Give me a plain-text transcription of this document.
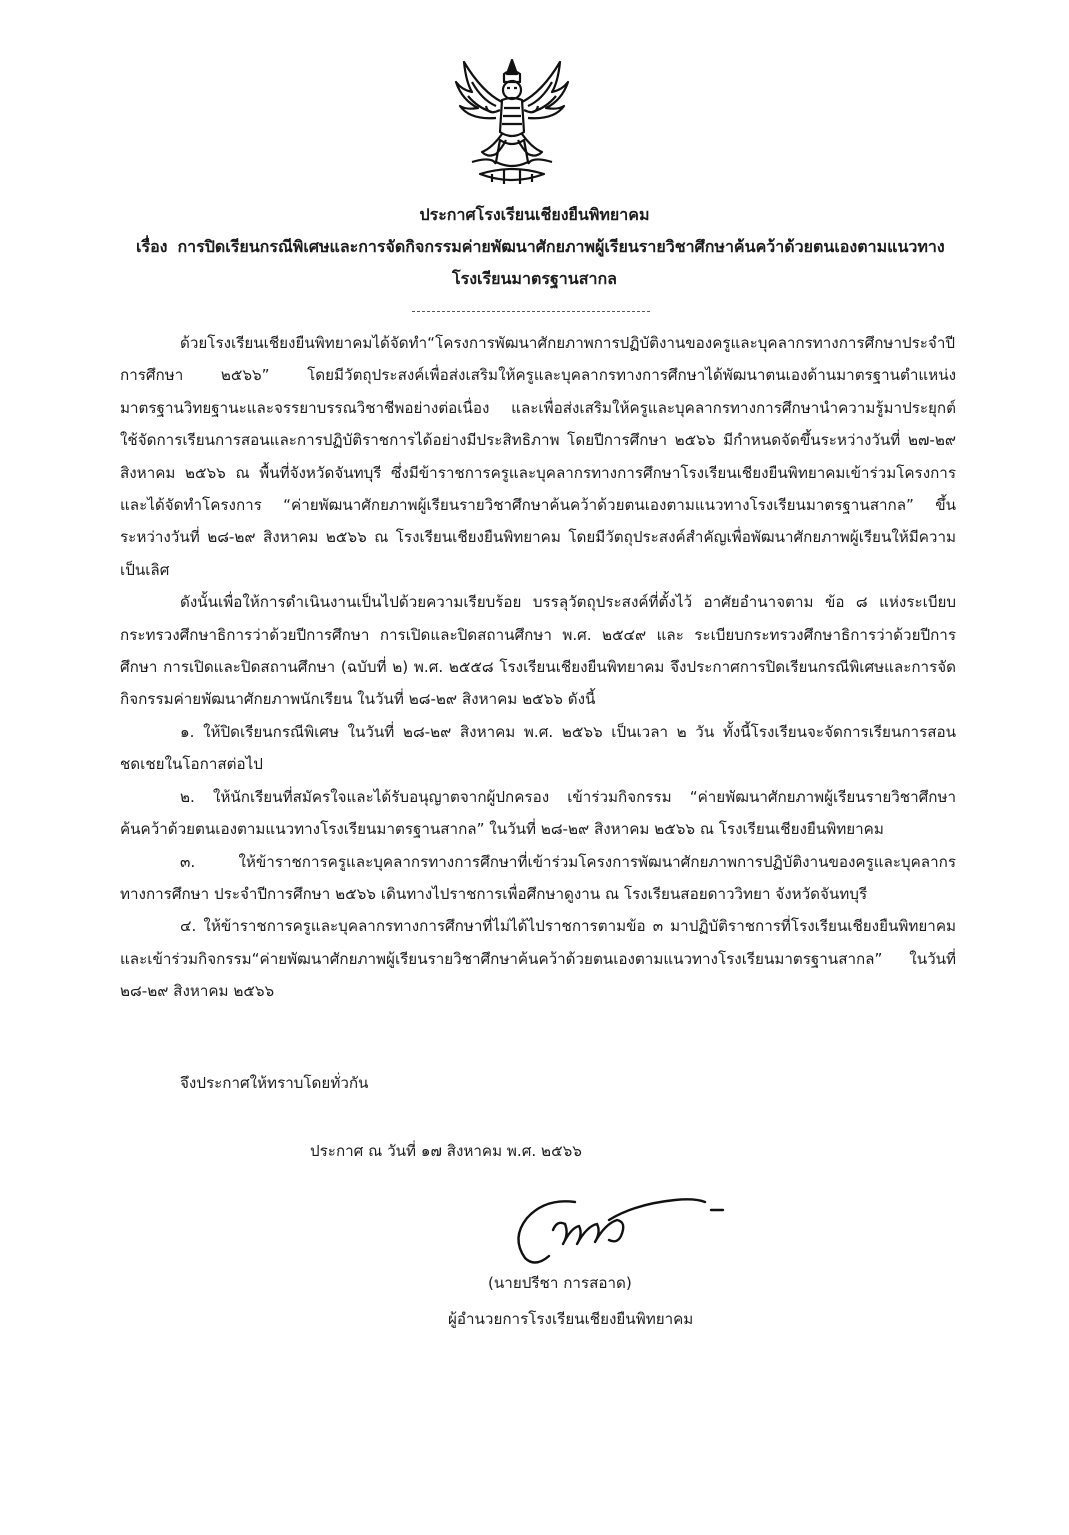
ประกาศโรงเรียนเชียงยืนพิทยาคม
เรื่อง การปิดเรียนกรณีพิเศษและการจัดกิจกรรมค่ายพัฒนาศักยภาพผู้เรียนรายวิชาศึกษาค้นคว้าด้วยตนเองตามแนวทาง
โรงเรียนมาตรฐานสากล

ด้วยโรงเรียนเชียงยืนพิทยาคมได้จัดทำ“โครงการพัฒนาศักยภาพการปฏิบัติงานของครูและบุคลากรทางการศึกษาประจำปีการศึกษา ๒๕๖๖” โดยมีวัตถุประสงค์เพื่อส่งเสริมให้ครูและบุคลากรทางการศึกษาได้พัฒนาตนเองด้านมาตรฐานตำแหน่ง มาตรฐานวิทยฐานะและจรรยาบรรณวิชาชีพอย่างต่อเนื่อง และเพื่อส่งเสริมให้ครูและบุคลากรทางการศึกษานำความรู้มาประยุกต์ใช้จัดการเรียนการสอนและการปฏิบัติราชการได้อย่างมีประสิทธิภาพ โดยปีการศึกษา ๒๕๖๖ มีกำหนดจัดขึ้นระหว่างวันที่ ๒๗-๒๙ สิงหาคม ๒๕๖๖ ณ พื้นที่จังหวัดจันทบุรี ซึ่งมีข้าราชการครูและบุคลากรทางการศึกษาโรงเรียนเชียงยืนพิทยาคมเข้าร่วมโครงการ และได้จัดทำโครงการ “ค่ายพัฒนาศักยภาพผู้เรียนรายวิชาศึกษาค้นคว้าด้วยตนเองตามแนวทางโรงเรียนมาตรฐานสากล” ขึ้นระหว่างวันที่ ๒๘-๒๙ สิงหาคม ๒๕๖๖ ณ โรงเรียนเชียงยืนพิทยาคม โดยมีวัตถุประสงค์สำคัญเพื่อพัฒนาศักยภาพผู้เรียนให้มีความเป็นเลิศ

ดังนั้นเพื่อให้การดำเนินงานเป็นไปด้วยความเรียบร้อย บรรลุวัตถุประสงค์ที่ตั้งไว้ อาศัยอำนาจตาม ข้อ ๘ แห่งระเบียบกระทรวงศึกษาธิการว่าด้วยปีการศึกษา การเปิดและปิดสถานศึกษา พ.ศ. ๒๕๔๙ และ ระเบียบกระทรวงศึกษาธิการว่าด้วยปีการศึกษา การเปิดและปิดสถานศึกษา (ฉบับที่ ๒) พ.ศ. ๒๕๕๘ โรงเรียนเชียงยืนพิทยาคม จึงประกาศการปิดเรียนกรณีพิเศษและการจัดกิจกรรมค่ายพัฒนาศักยภาพนักเรียน ในวันที่ ๒๘-๒๙ สิงหาคม ๒๕๖๖ ดังนี้

๑. ให้ปิดเรียนกรณีพิเศษ ในวันที่ ๒๘-๒๙ สิงหาคม พ.ศ. ๒๕๖๖ เป็นเวลา ๒ วัน ทั้งนี้โรงเรียนจะจัดการเรียนการสอนชดเชยในโอกาสต่อไป

๒. ให้นักเรียนที่สมัครใจและได้รับอนุญาตจากผู้ปกครอง เข้าร่วมกิจกรรม “ค่ายพัฒนาศักยภาพผู้เรียนรายวิชาศึกษาค้นคว้าด้วยตนเองตามแนวทางโรงเรียนมาตรฐานสากล” ในวันที่ ๒๘-๒๙ สิงหาคม ๒๕๖๖ ณ โรงเรียนเชียงยืนพิทยาคม

๓. ให้ข้าราชการครูและบุคลากรทางการศึกษาที่เข้าร่วมโครงการพัฒนาศักยภาพการปฏิบัติงานของครูและบุคลากรทางการศึกษา ประจำปีการศึกษา ๒๕๖๖ เดินทางไปราชการเพื่อศึกษาดูงาน ณ โรงเรียนสอยดาววิทยา จังหวัดจันทบุรี

๔. ให้ข้าราชการครูและบุคลากรทางการศึกษาที่ไม่ได้ไปราชการตามข้อ ๓ มาปฏิบัติราชการที่โรงเรียนเชียงยืนพิทยาคมและเข้าร่วมกิจกรรม“ค่ายพัฒนาศักยภาพผู้เรียนรายวิชาศึกษาค้นคว้าด้วยตนเองตามแนวทางโรงเรียนมาตรฐานสากล” ในวันที่ ๒๘-๒๙ สิงหาคม ๒๕๖๖

จึงประกาศให้ทราบโดยทั่วกัน
ประกาศ ณ วันที่ ๑๗ สิงหาคม พ.ศ. ๒๕๖๖
(นายปรีชา การสอาด)
ผู้อำนวยการโรงเรียนเชียงยืนพิทยาคม
